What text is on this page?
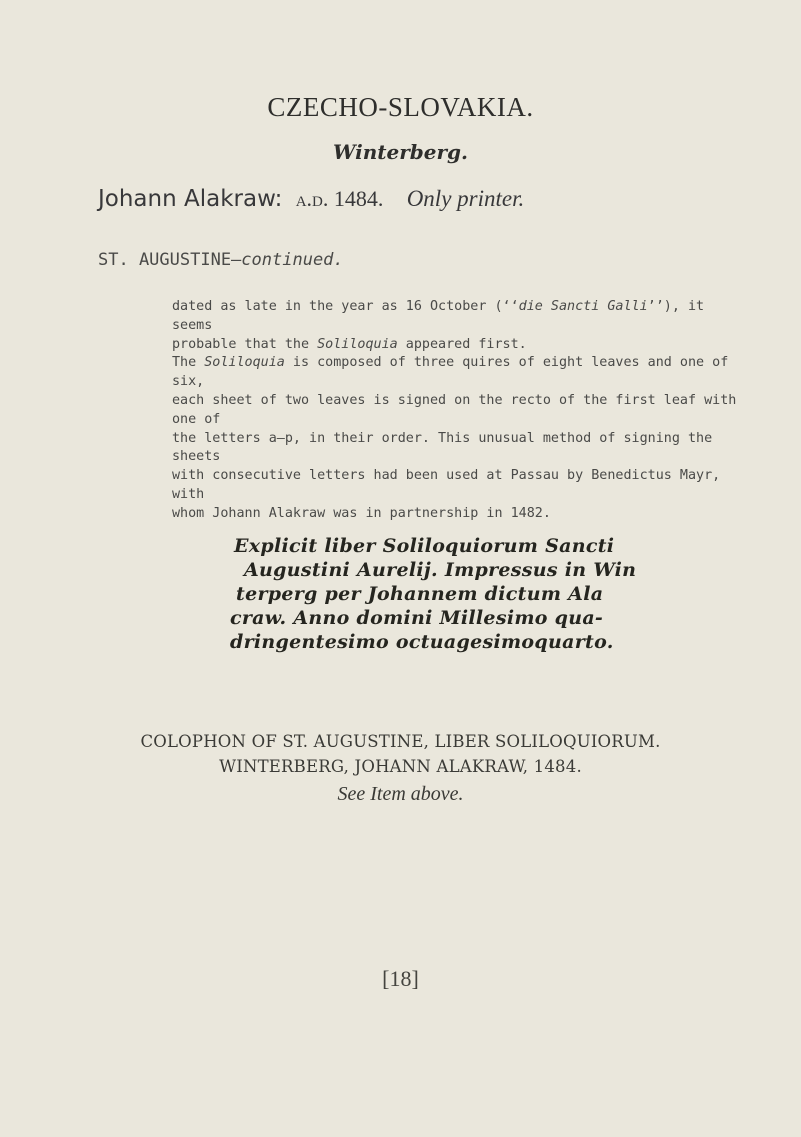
CZECHO-SLOVAKIA.
Winterberg.
Johann Alakraw: a.d. 1484. Only printer.
ST. AUGUSTINE—continued.
dated as late in the year as 16 October (‘‘die Sancti Galli’’), it seems
probable that the Soliloquia appeared first.
The Soliloquia is composed of three quires of eight leaves and one of six,
each sheet of two leaves is signed on the recto of the first leaf with one of
the letters a—p, in their order. This unusual method of signing the sheets
with consecutive letters had been used at Passau by Benedictus Mayr, with
whom Johann Alakraw was in partnership in 1482.
Explicit liber Soliloquiorum Sancti
Augustini Aurelij. Impressus in Win
terperg per Johannem dictum Ala
craw. Anno domini Millesimo qua-
dringentesimo octuagesimoquarto.
COLOPHON OF ST. AUGUSTINE, LIBER SOLILOQUIORUM.
WINTERBERG, JOHANN ALAKRAW, 1484.
See Item above.
[18]
